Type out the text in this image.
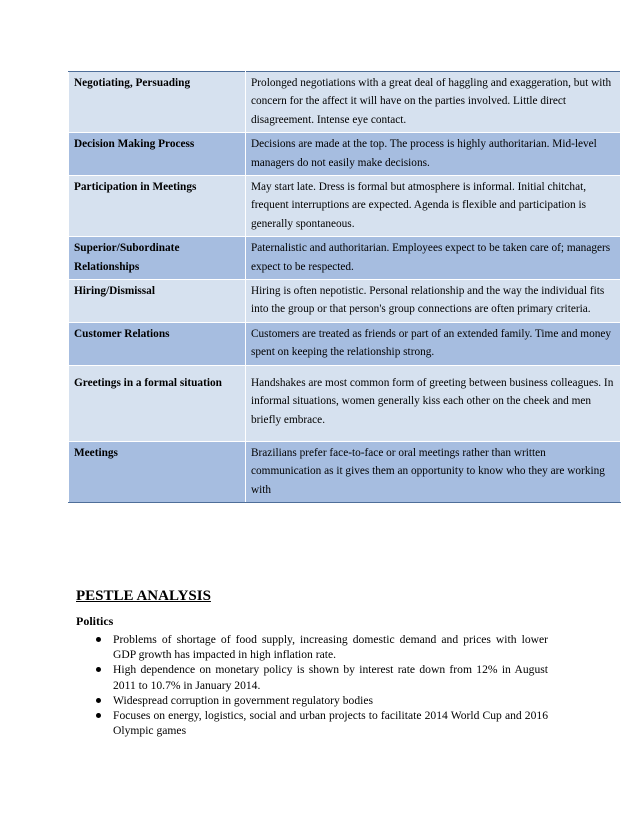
Negotiating, Persuading	Prolonged negotiations with a great deal of haggling and exaggeration, but with concern for the affect it will have on the parties involved. Little direct disagreement. Intense eye contact.
Decision Making Process	Decisions are made at the top. The process is highly authoritarian. Mid-level managers do not easily make decisions.
Participation in Meetings	May start late. Dress is formal but atmosphere is informal. Initial chitchat, frequent interruptions are expected. Agenda is flexible and participation is generally spontaneous.
Superior/Subordinate Relationships	Paternalistic and authoritarian. Employees expect to be taken care of; managers expect to be respected.
Hiring/Dismissal	Hiring is often nepotistic. Personal relationship and the way the individual fits into the group or that person's group connections are often primary criteria.
Customer Relations	Customers are treated as friends or part of an extended family. Time and money spent on keeping the relationship strong.
Greetings in a formal situation	Handshakes are most common form of greeting between business colleagues. In informal situations, women generally kiss each other on the cheek and men briefly embrace.
Meetings	Brazilians prefer face-to-face or oral meetings rather than written communication as it gives them an opportunity to know who they are working with
PESTLE ANALYSIS
Politics
Problems of shortage of food supply, increasing domestic demand and prices with lower GDP growth has impacted in high inflation rate.
High dependence on monetary policy is shown by interest rate down from 12% in August 2011 to 10.7% in January 2014.
Widespread corruption in government regulatory bodies
Focuses on energy, logistics, social and urban projects to facilitate 2014 World Cup and 2016 Olympic games
